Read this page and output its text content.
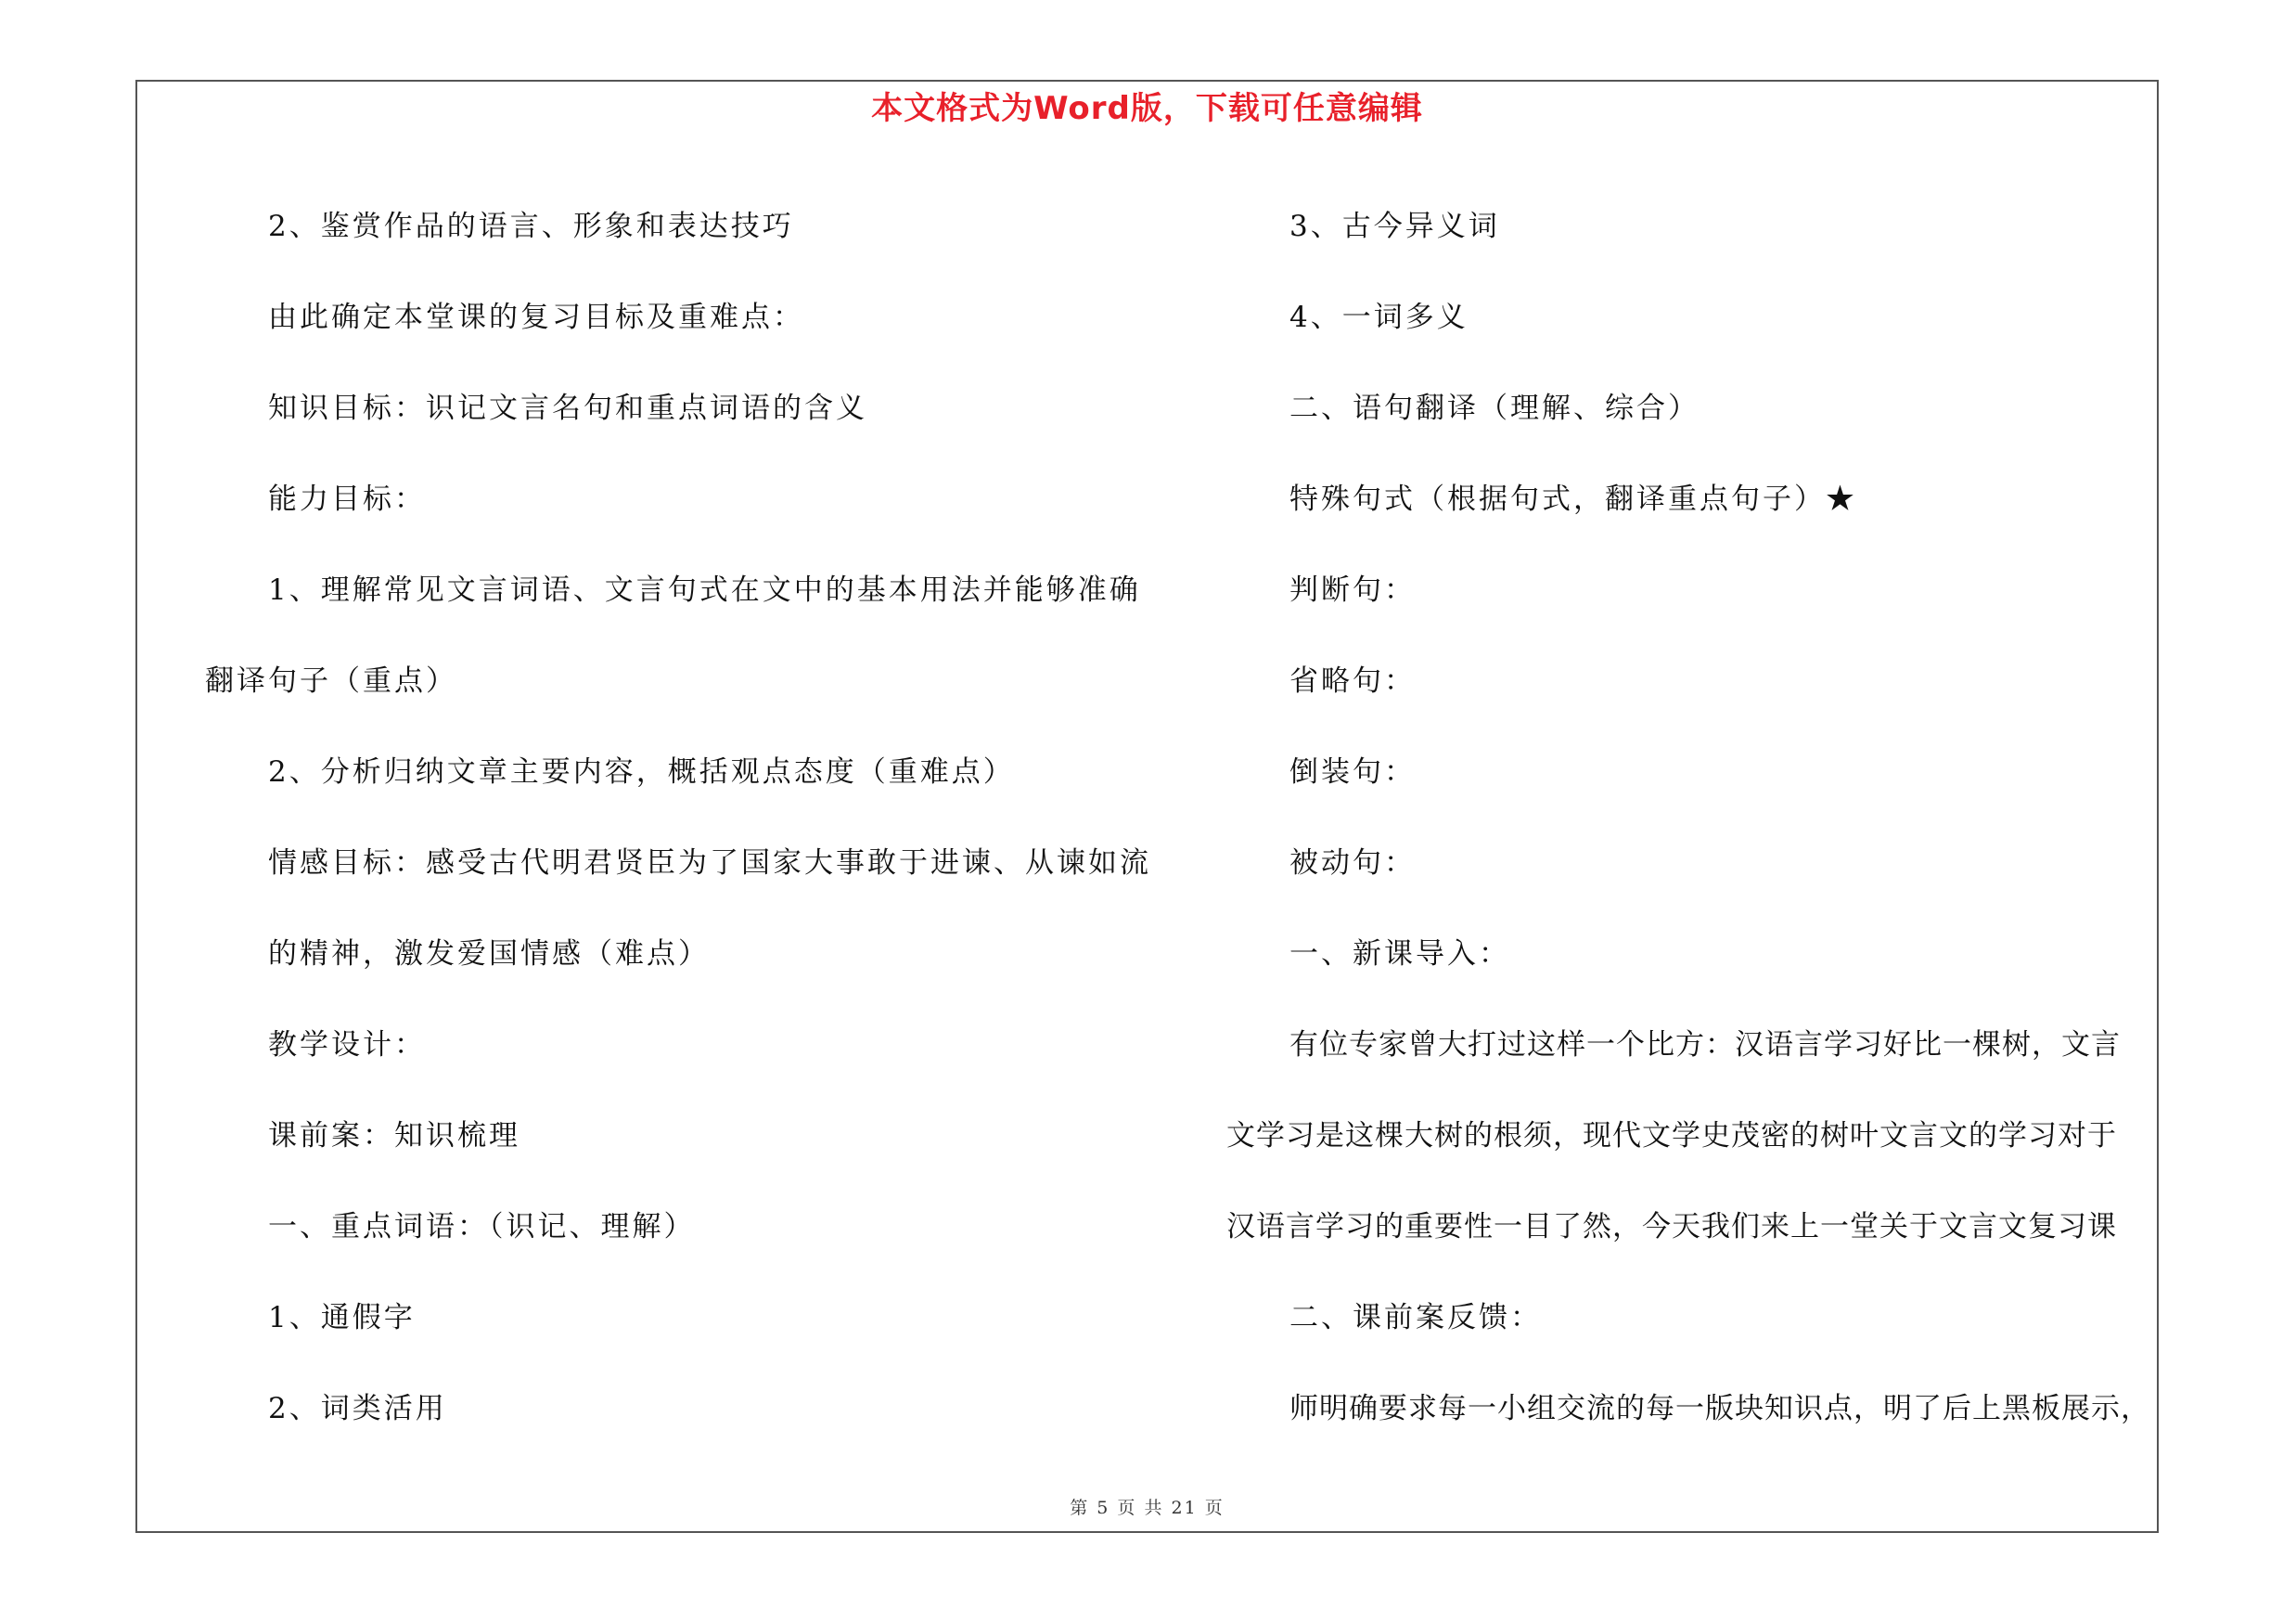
本文格式为Word版，下载可任意编辑
2、鉴赏作品的语言、形象和表达技巧
由此确定本堂课的复习目标及重难点：
知识目标：识记文言名句和重点词语的含义
能力目标：
1、理解常见文言词语、文言句式在文中的基本用法并能够准确
翻译句子（重点）
2、分析归纳文章主要内容，概括观点态度（重难点）
情感目标：感受古代明君贤臣为了国家大事敢于进谏、从谏如流
的精神，激发爱国情感（难点）
教学设计：
课前案：知识梳理
一、重点词语：（识记、理解）
1、通假字
2、词类活用
3、古今异义词
4、一词多义
二、语句翻译（理解、综合）
特殊句式（根据句式，翻译重点句子）★
判断句：
省略句：
倒装句：
被动句：
一、新课导入：
有位专家曾大打过这样一个比方：汉语言学习好比一棵树，文言
文学习是这棵大树的根须，现代文学史茂密的树叶文言文的学习对于
汉语言学习的重要性一目了然，今天我们来上一堂关于文言文复习课
二、课前案反馈：
师明确要求每一小组交流的每一版块知识点，明了后上黑板展示，
第 5 页 共 21 页
